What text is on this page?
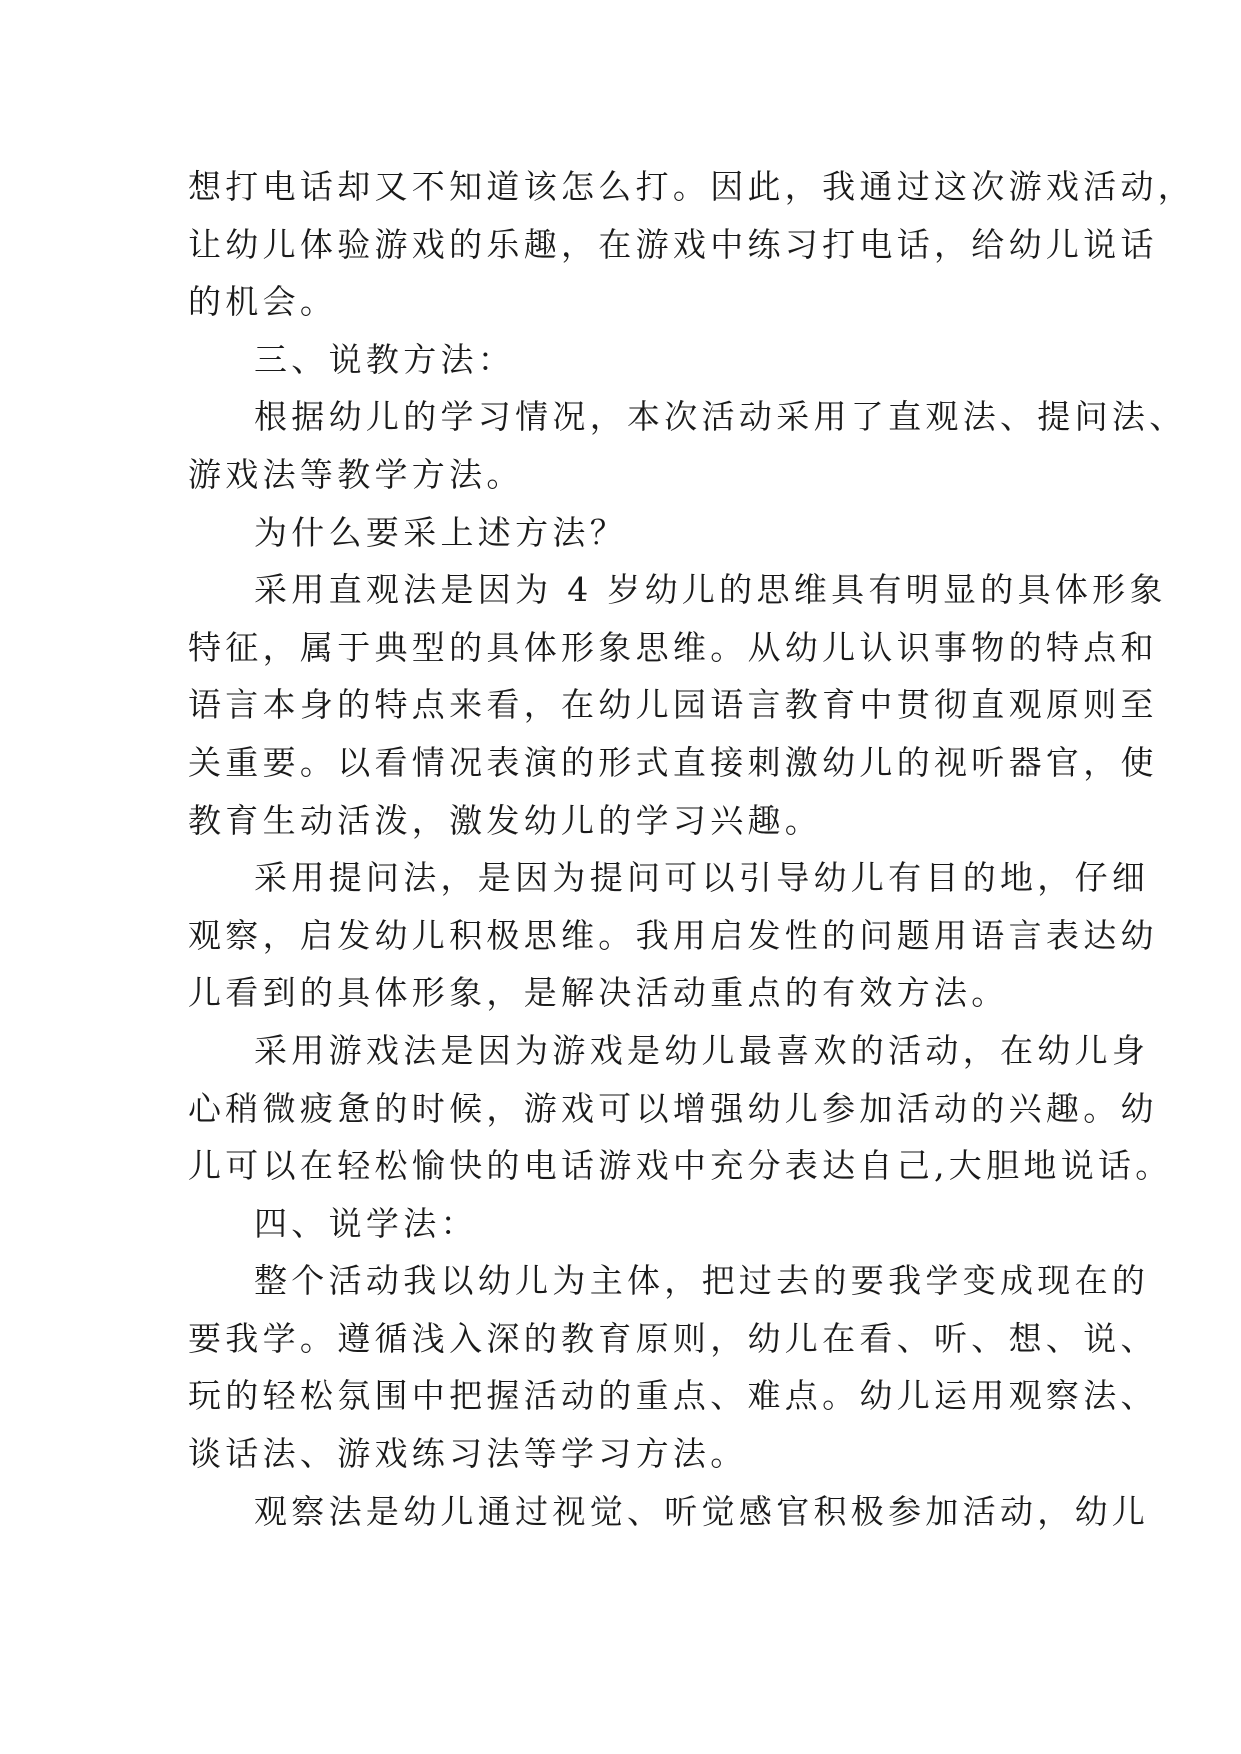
想打电话却又不知道该怎么打。因此，我通过这次游戏活动，
让幼儿体验游戏的乐趣，在游戏中练习打电话，给幼儿说话
的机会。
三、说教方法：
根据幼儿的学习情况，本次活动采用了直观法、提问法、
游戏法等教学方法。
为什么要采上述方法？
采用直观法是因为 4 岁幼儿的思维具有明显的具体形象
特征，属于典型的具体形象思维。从幼儿认识事物的特点和
语言本身的特点来看，在幼儿园语言教育中贯彻直观原则至
关重要。以看情况表演的形式直接刺激幼儿的视听器官，使
教育生动活泼，激发幼儿的学习兴趣。
采用提问法，是因为提问可以引导幼儿有目的地，仔细
观察，启发幼儿积极思维。我用启发性的问题用语言表达幼
儿看到的具体形象，是解决活动重点的有效方法。
采用游戏法是因为游戏是幼儿最喜欢的活动，在幼儿身
心稍微疲惫的时候，游戏可以增强幼儿参加活动的兴趣。幼
儿可以在轻松愉快的电话游戏中充分表达自己,大胆地说话。
四、说学法：
整个活动我以幼儿为主体，把过去的要我学变成现在的
要我学。遵循浅入深的教育原则，幼儿在看、听、想、说、
玩的轻松氛围中把握活动的重点、难点。幼儿运用观察法、
谈话法、游戏练习法等学习方法。
观察法是幼儿通过视觉、听觉感官积极参加活动，幼儿
